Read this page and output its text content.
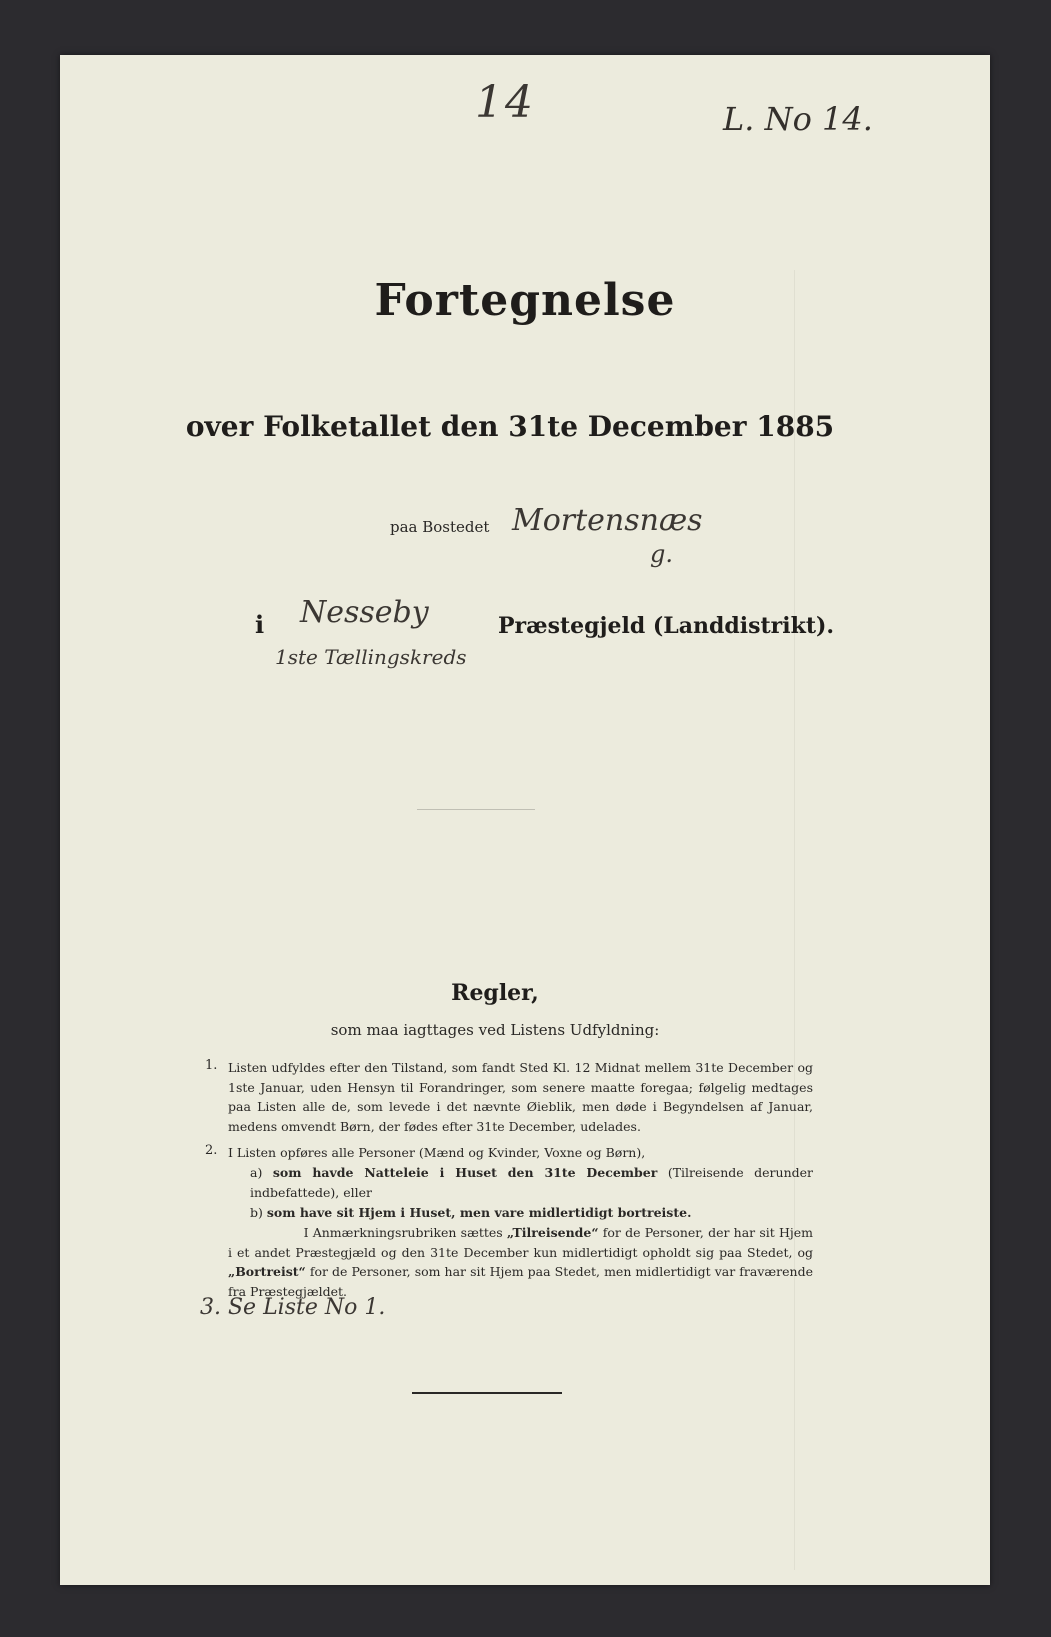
14	L. No 14.
Fortegnelse
over Folketallet den 31te December 1885
paa Bostedet Mortensnæs
g.
i Nesseby
1ste Tællingskreds
Præstegjeld (Landdistrikt).
Regler,
som maa iagttages ved Listens Udfyldning:
1. Listen udfyldes efter den Tilstand, som fandt Sted Kl. 12 Midnat mellem 31te December og 1ste Januar, uden Hensyn til Forandringer, som senere maatte foregaa; følgelig medtages paa Listen alle de, som levede i det nævnte Øieblik, men døde i Begyndelsen af Januar, medens omvendt Børn, der fødes efter 31te December, udelades.
2. I Listen opføres alle Personer (Mænd og Kvinder, Voxne og Børn),
a) som havde Natteleie i Huset den 31te December (Tilreisende derunder indbefattede), eller
b) som have sit Hjem i Huset, men vare midlertidigt bortreiste.
I Anmærkningsrubriken sættes „Tilreisende“ for de Personer, der har sit Hjem i et andet Præstegjæld og den 31te December kun midlertidigt opholdt sig paa Stedet, og „Bortreist“ for de Personer, som har sit Hjem paa Stedet, men midlertidigt var fraværende fra Præstegjældet.
3. Se Liste No 1.
